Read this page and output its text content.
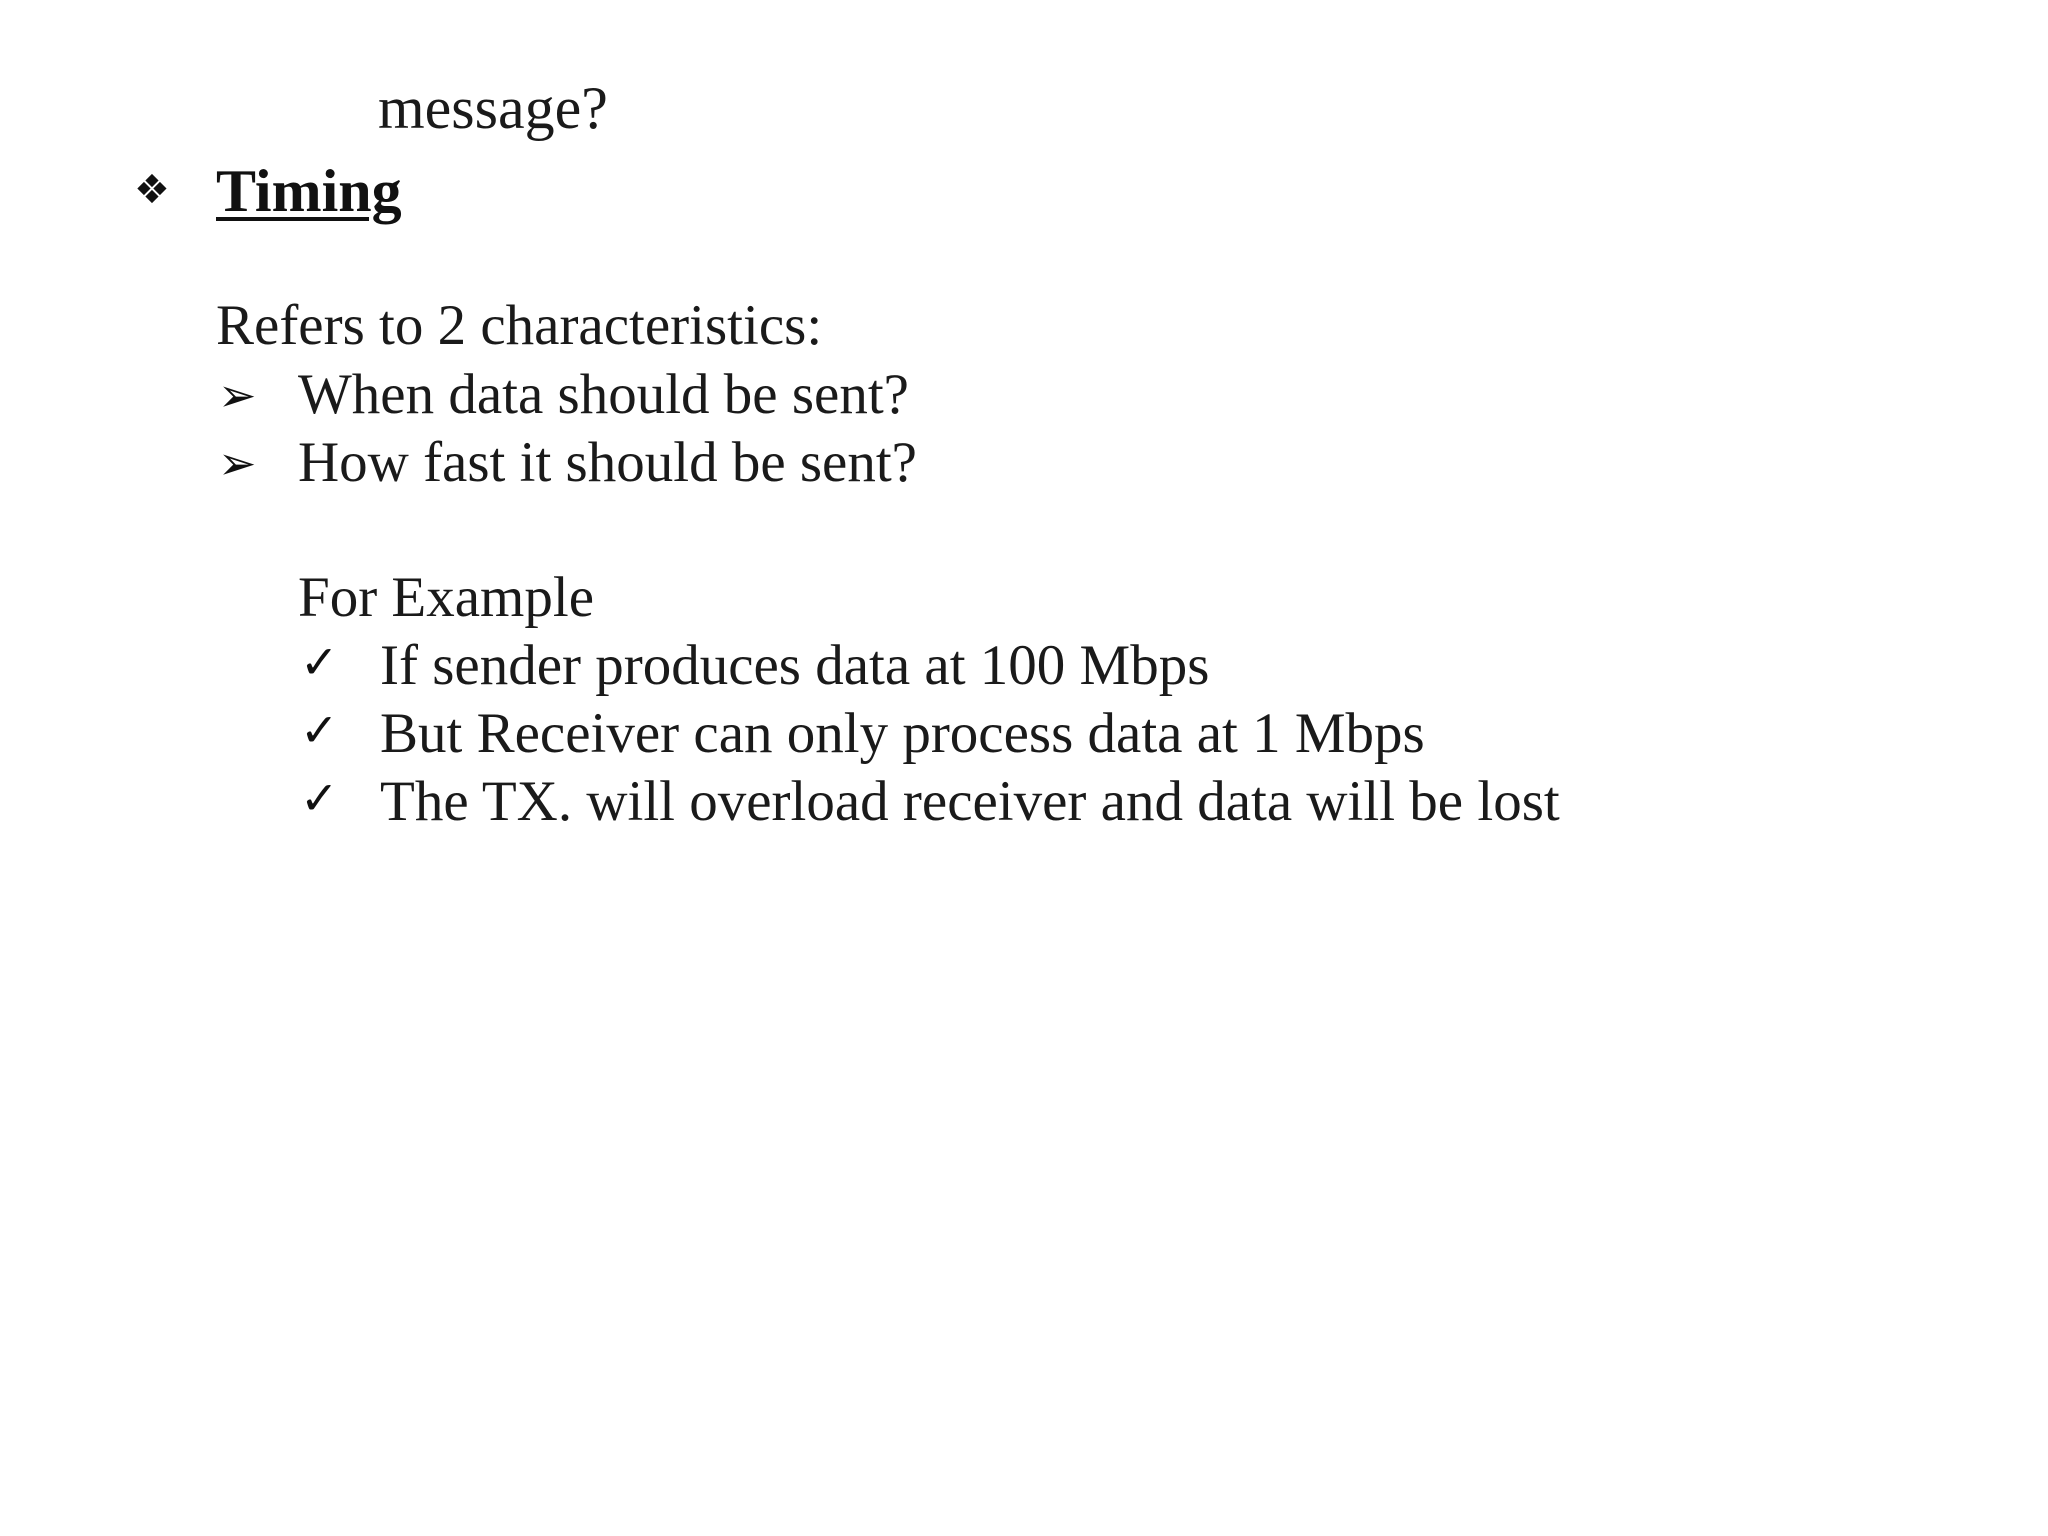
message?
❖ Timing
Refers to 2 characteristics:
➢ When data should be sent?
➢ How fast it should be sent?
For Example
✓ If sender produces data at 100 Mbps
✓ But Receiver can only process data at 1 Mbps
✓ The TX. will overload receiver and data will be lost
